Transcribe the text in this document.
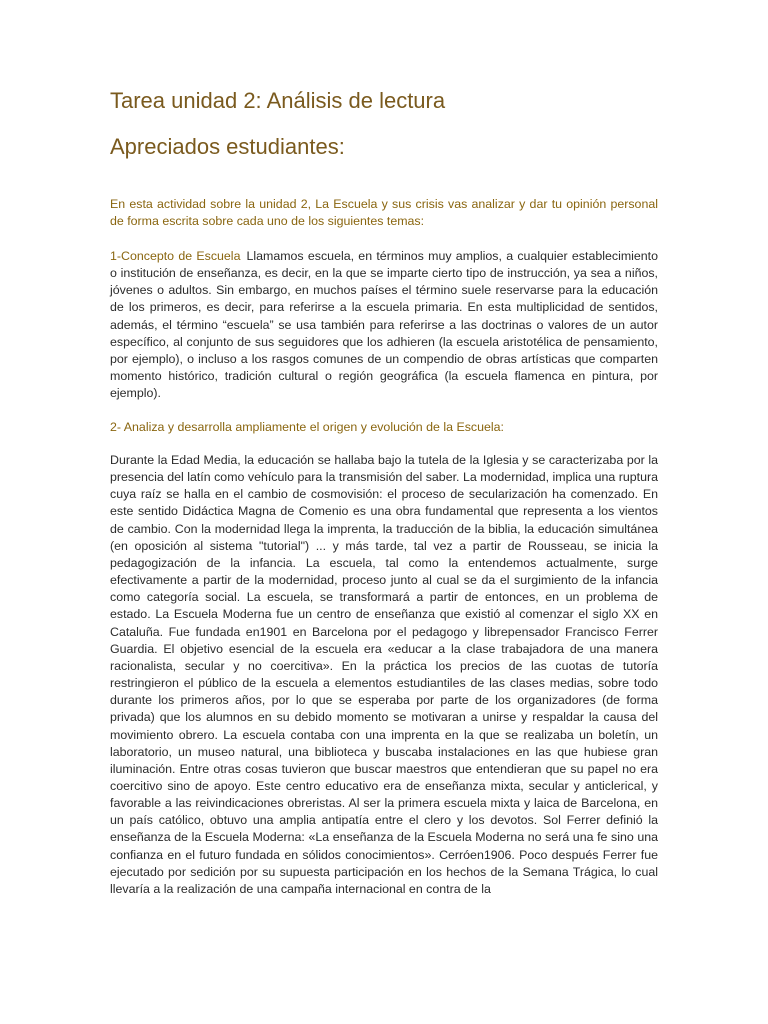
Tarea unidad 2: Análisis de lectura
Apreciados estudiantes:

En esta actividad sobre la unidad 2, La Escuela y sus crisis vas analizar y dar tu opinión personal de forma escrita sobre cada uno de los siguientes temas:

1-Concepto de Escuela Llamamos escuela, en términos muy amplios, a cualquier establecimiento o institución de enseñanza, es decir, en la que se imparte cierto tipo de instrucción, ya sea a niños, jóvenes o adultos. Sin embargo, en muchos países el término suele reservarse para la educación de los primeros, es decir, para referirse a la escuela primaria. En esta multiplicidad de sentidos, además, el término “escuela” se usa también para referirse a las doctrinas o valores de un autor específico, al conjunto de sus seguidores que los adhieren (la escuela aristotélica de pensamiento, por ejemplo), o incluso a los rasgos comunes de un compendio de obras artísticas que comparten momento histórico, tradición cultural o región geográfica (la escuela flamenca en pintura, por ejemplo).

2- Analiza y desarrolla ampliamente el origen y evolución de la Escuela:

Durante la Edad Media, la educación se hallaba bajo la tutela de la Iglesia y se caracterizaba por la presencia del latín como vehículo para la transmisión del saber. La modernidad, implica una ruptura cuya raíz se halla en el cambio de cosmovisión: el proceso de secularización ha comenzado. En este sentido Didáctica Magna de Comenio es una obra fundamental que representa a los vientos de cambio. Con la modernidad llega la imprenta, la traducción de la biblia, la educación simultánea (en oposición al sistema "tutorial") ... y más tarde, tal vez a partir de Rousseau, se inicia la pedagogización de la infancia. La escuela, tal como la entendemos actualmente, surge efectivamente a partir de la modernidad, proceso junto al cual se da el surgimiento de la infancia como categoría social. La escuela, se transformará a partir de entonces, en un problema de estado. La Escuela Moderna fue un centro de enseñanza que existió al comenzar el siglo XX en Cataluña. Fue fundada en1901 en Barcelona por el pedagogo y librepensador Francisco Ferrer Guardia. El objetivo esencial de la escuela era «educar a la clase trabajadora de una manera racionalista, secular y no coercitiva». En la práctica los precios de las cuotas de tutoría restringieron el público de la escuela a elementos estudiantiles de las clases medias, sobre todo durante los primeros años, por lo que se esperaba por parte de los organizadores (de forma privada) que los alumnos en su debido momento se motivaran a unirse y respaldar la causa del movimiento obrero. La escuela contaba con una imprenta en la que se realizaba un boletín, un laboratorio, un museo natural, una biblioteca y buscaba instalaciones en las que hubiese gran iluminación. Entre otras cosas tuvieron que buscar maestros que entendieran que su papel no era coercitivo sino de apoyo. Este centro educativo era de enseñanza mixta, secular y anticlerical, y favorable a las reivindicaciones obreristas. Al ser la primera escuela mixta y laica de Barcelona, en un país católico, obtuvo una amplia antipatía entre el clero y los devotos. Sol Ferrer definió la enseñanza de la Escuela Moderna: «La enseñanza de la Escuela Moderna no será una fe sino una confianza en el futuro fundada en sólidos conocimientos». Cerróen1906. Poco después Ferrer fue ejecutado por sedición por su supuesta participación en los hechos de la Semana Trágica, lo cual llevaría a la realización de una campaña internacional en contra de la
